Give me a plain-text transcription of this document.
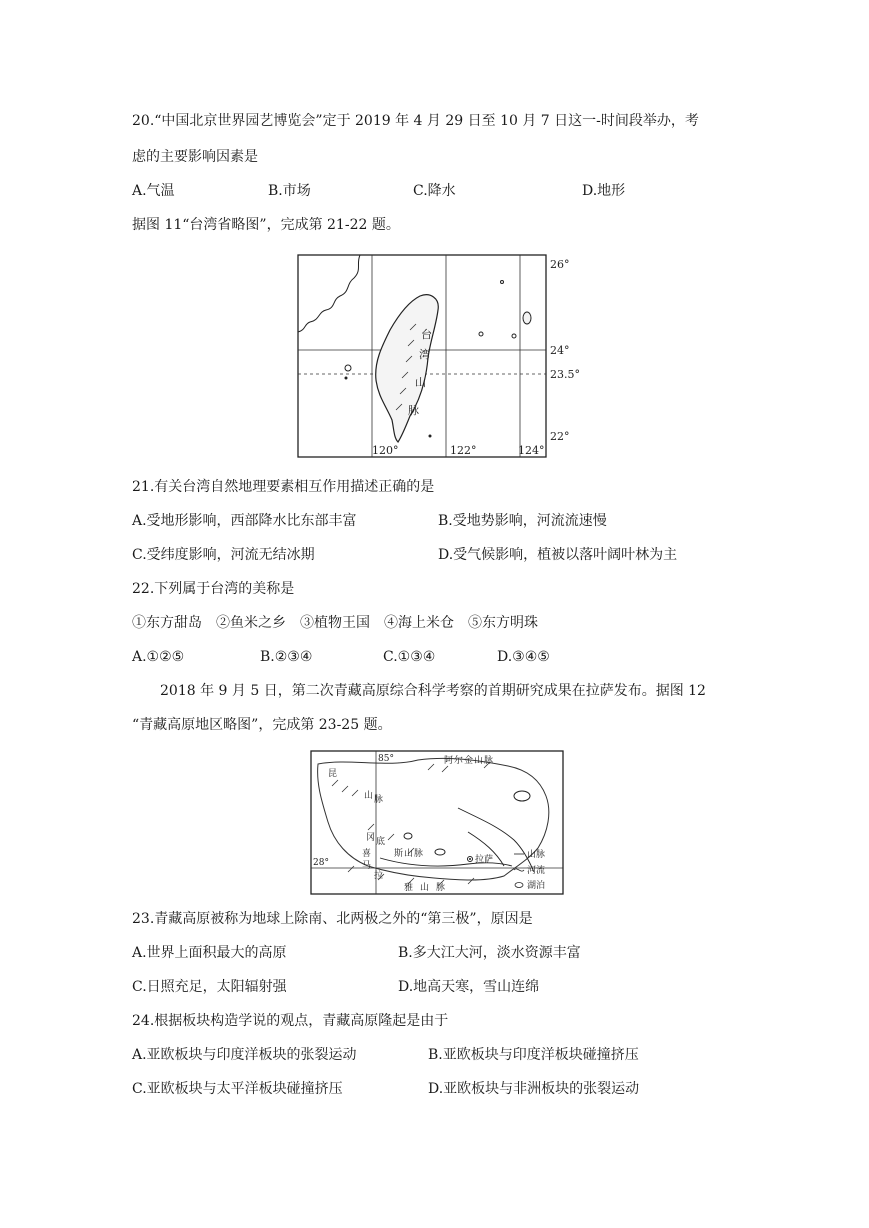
20.“中国北京世界园艺博览会”定于 2019 年 4 月 29 日至 10 月 7 日这一-时间段举办，考
虑的主要影响因素是
A.气温	B.市场	C.降水	D.地形
据图 11“台湾省略图”，完成第 21-22 题。
台
湾
山
脉
26°
24°
23.5°
22°
120°	122°	124°
21.有关台湾自然地理要素相互作用描述正确的是
A.受地形影响，西部降水比东部丰富	B.受地势影响，河流流速慢
C.受纬度影响，河流无结冰期	D.受气候影响，植被以落叶阔叶林为主
22.下列属于台湾的美称是
①东方甜岛　②鱼米之乡　③植物王国　④海上米仓　⑤东方明珠
A.①②⑤	B.②③④	C.①③④	D.③④⑤
2018 年 9 月 5 日，第二次青藏高原综合科学考察的首期研究成果在拉萨发布。据图 12
“青藏高原地区略图”，完成第 23-25 题。
阿 尔 金 山 脉
昆
山 脉
冈 底
斯 山 脉
喜
马
拉
雅 山 脉
拉萨
85°
28°
山脉
河流
湖泊
23.青藏高原被称为地球上除南、北两极之外的“第三极”，原因是
A.世界上面积最大的高原	B.多大江大河，淡水资源丰富
C.日照充足，太阳辐射强	D.地高天寒，雪山连绵
24.根据板块构造学说的观点，青藏高原隆起是由于
A.亚欧板块与印度洋板块的张裂运动	B.亚欧板块与印度洋板块碰撞挤压
C.亚欧板块与太平洋板块碰撞挤压	D.亚欧板块与非洲板块的张裂运动
